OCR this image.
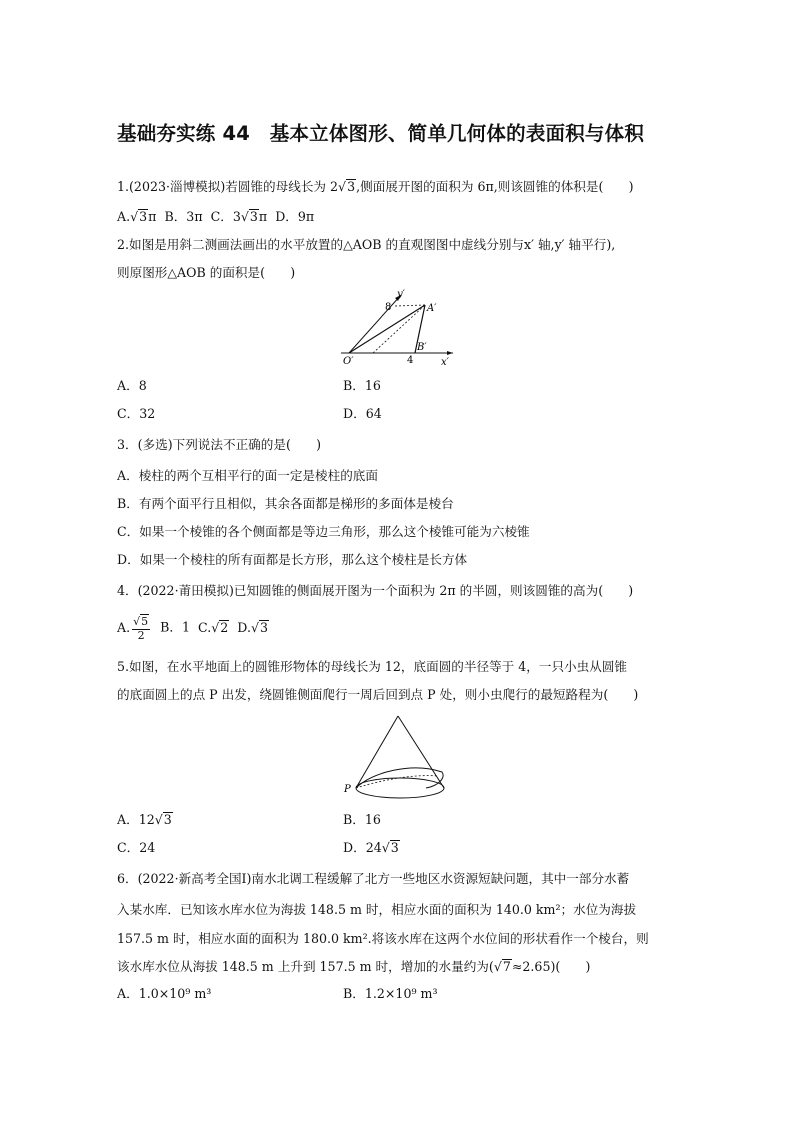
基础夯实练 44　基本立体图形、简单几何体的表面积与体积
1.(2023·淄博模拟)若圆锥的母线长为 2√3,侧面展开图的面积为 6π,则该圆锥的体积是(　　)
A.√3π B．3π C．3√3π D．9π
2.如图是用斜二测画法画出的水平放置的△AOB 的直观图图中虚线分别与x′ 轴,y′ 轴平行),
则原图形△AOB 的面积是(　　)
y′
8	A′
O′	4
B′
x′
A．8	B．16
C．32	D．64
3．(多选)下列说法不正确的是(　　)
A．棱柱的两个互相平行的面一定是棱柱的底面
B．有两个面平行且相似，其余各面都是梯形的多面体是棱台
C．如果一个棱锥的各个侧面都是等边三角形，那么这个棱锥可能为六棱锥
D．如果一个棱柱的所有面都是长方形，那么这个棱柱是长方体
4．(2022·莆田模拟)已知圆锥的侧面展开图为一个面积为 2π 的半圆，则该圆锥的高为(　　)
A. $\frac{√5}{2}$ B．1 C.√2 D.√3
5.如图，在水平地面上的圆锥形物体的母线长为 12，底面圆的半径等于 4，一只小虫从圆锥
的底面圆上的点 P 出发，绕圆锥侧面爬行一周后回到点 P 处，则小虫爬行的最短路程为(　　)
P
A．12√3	B．16
C．24	D．24√3
6．(2022·新高考全国Ⅰ)南水北调工程缓解了北方一些地区水资源短缺问题，其中一部分水蓄
入某水库．已知该水库水位为海拔 148.5 m 时，相应水面的面积为 140.0 km²；水位为海拔
157.5 m 时，相应水面的面积为 180.0 km².将该水库在这两个水位间的形状看作一个棱台，则
该水库水位从海拔 148.5 m 上升到 157.5 m 时，增加的水量约为(√7≈2.65)(　　)
A．1.0×10⁹ m³	B．1.2×10⁹ m³
